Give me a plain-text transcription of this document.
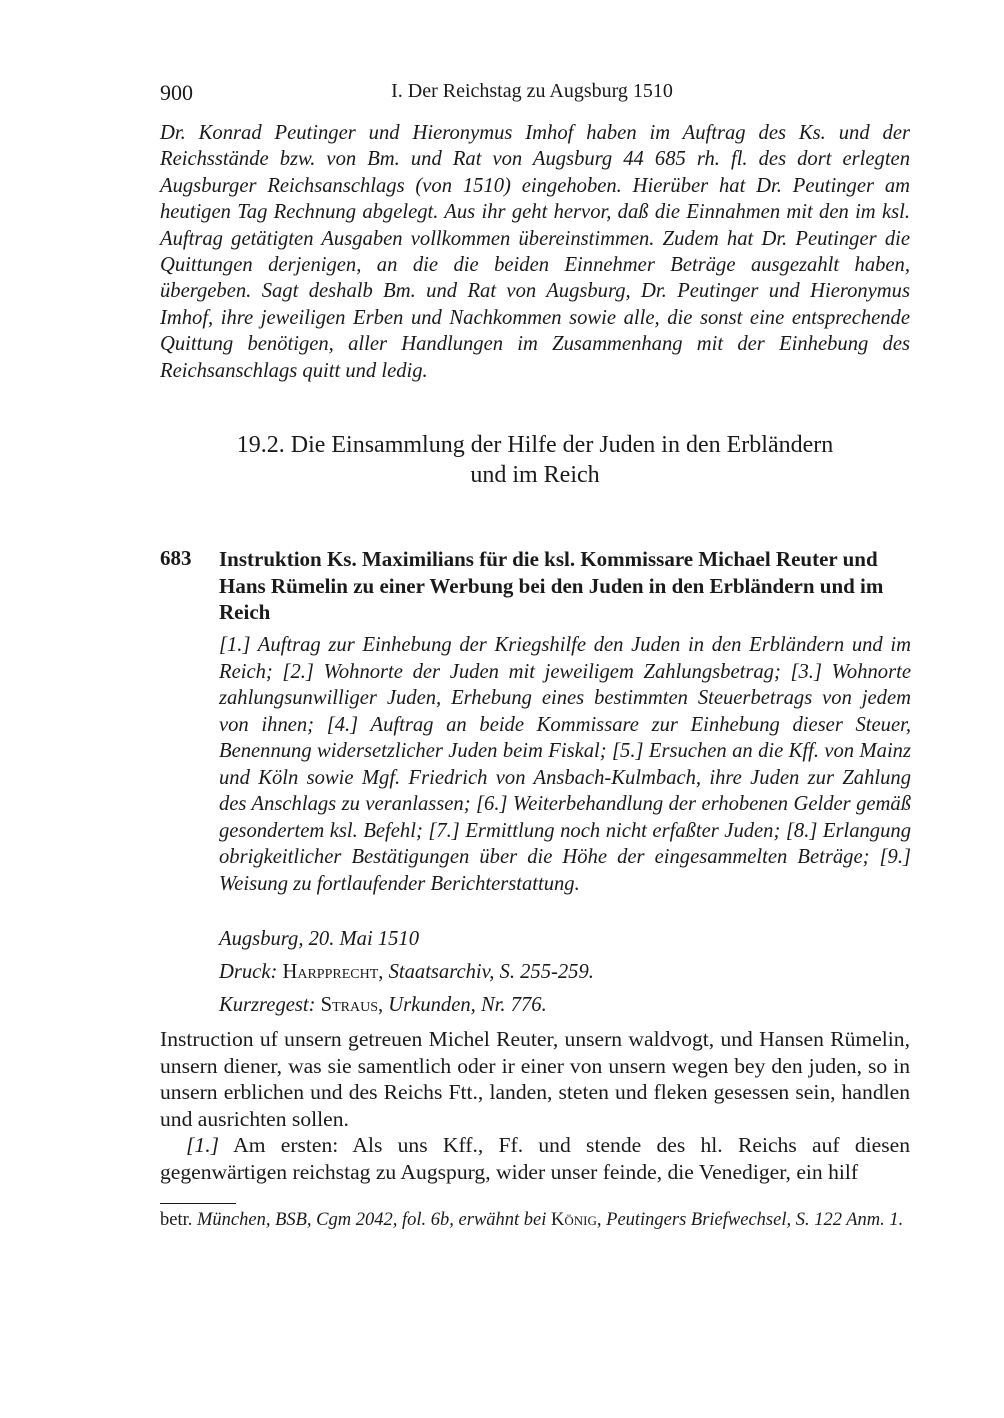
900	I. Der Reichstag zu Augsburg 1510
Dr. Konrad Peutinger und Hieronymus Imhof haben im Auftrag des Ks. und der Reichsstände bzw. von Bm. und Rat von Augsburg 44 685 rh. fl. des dort erlegten Augsburger Reichsanschlags (von 1510) eingehoben. Hierüber hat Dr. Peutinger am heutigen Tag Rechnung abgelegt. Aus ihr geht hervor, daß die Einnahmen mit den im ksl. Auftrag getätigten Ausgaben vollkommen übereinstimmen. Zudem hat Dr. Peutinger die Quittungen derjenigen, an die die beiden Einnehmer Beträge ausgezahlt haben, übergeben. Sagt deshalb Bm. und Rat von Augsburg, Dr. Peutinger und Hieronymus Imhof, ihre jeweiligen Erben und Nachkommen sowie alle, die sonst eine entsprechende Quittung benötigen, aller Handlungen im Zusammenhang mit der Einhebung des Reichsanschlags quitt und ledig.
19.2. Die Einsammlung der Hilfe der Juden in den Erbländern
und im Reich
683 Instruktion Ks. Maximilians für die ksl. Kommissare Michael Reuter und Hans Rümelin zu einer Werbung bei den Juden in den Erbländern und im Reich
[1.] Auftrag zur Einhebung der Kriegshilfe den Juden in den Erbländern und im Reich; [2.] Wohnorte der Juden mit jeweiligem Zahlungsbetrag; [3.] Wohnorte zahlungsunwilliger Juden, Erhebung eines bestimmten Steuerbetrags von jedem von ihnen; [4.] Auftrag an beide Kommissare zur Einhebung dieser Steuer, Benennung widersetzlicher Juden beim Fiskal; [5.] Ersuchen an die Kff. von Mainz und Köln sowie Mgf. Friedrich von Ansbach-Kulmbach, ihre Juden zur Zahlung des Anschlags zu veranlassen; [6.] Weiterbehandlung der erhobenen Gelder gemäß gesondertem ksl. Befehl; [7.] Ermittlung noch nicht erfaßter Juden; [8.] Erlangung obrigkeitlicher Bestätigungen über die Höhe der eingesammelten Beträge; [9.] Weisung zu fortlaufender Berichterstattung.
Augsburg, 20. Mai 1510
Druck: Harpprecht, Staatsarchiv, S. 255-259.
Kurzregest: Straus, Urkunden, Nr. 776.

Instruction uf unsern getreuen Michel Reuter, unsern waldvogt, und Hansen Rümelin, unsern diener, was sie samentlich oder ir einer von unsern wegen bey den juden, so in unsern erblichen und des Reichs Ftt., landen, steten und fleken gesessen sein, handlen und ausrichten sollen.

[1.] Am ersten: Als uns Kff., Ff. und stende des hl. Reichs auf diesen gegenwärtigen reichstag zu Augspurg, wider unser feinde, die Venediger, ein hilf

betr. München, BSB, Cgm 2042, fol. 6b, erwähnt bei König, Peutingers Briefwechsel, S. 122 Anm. 1.
